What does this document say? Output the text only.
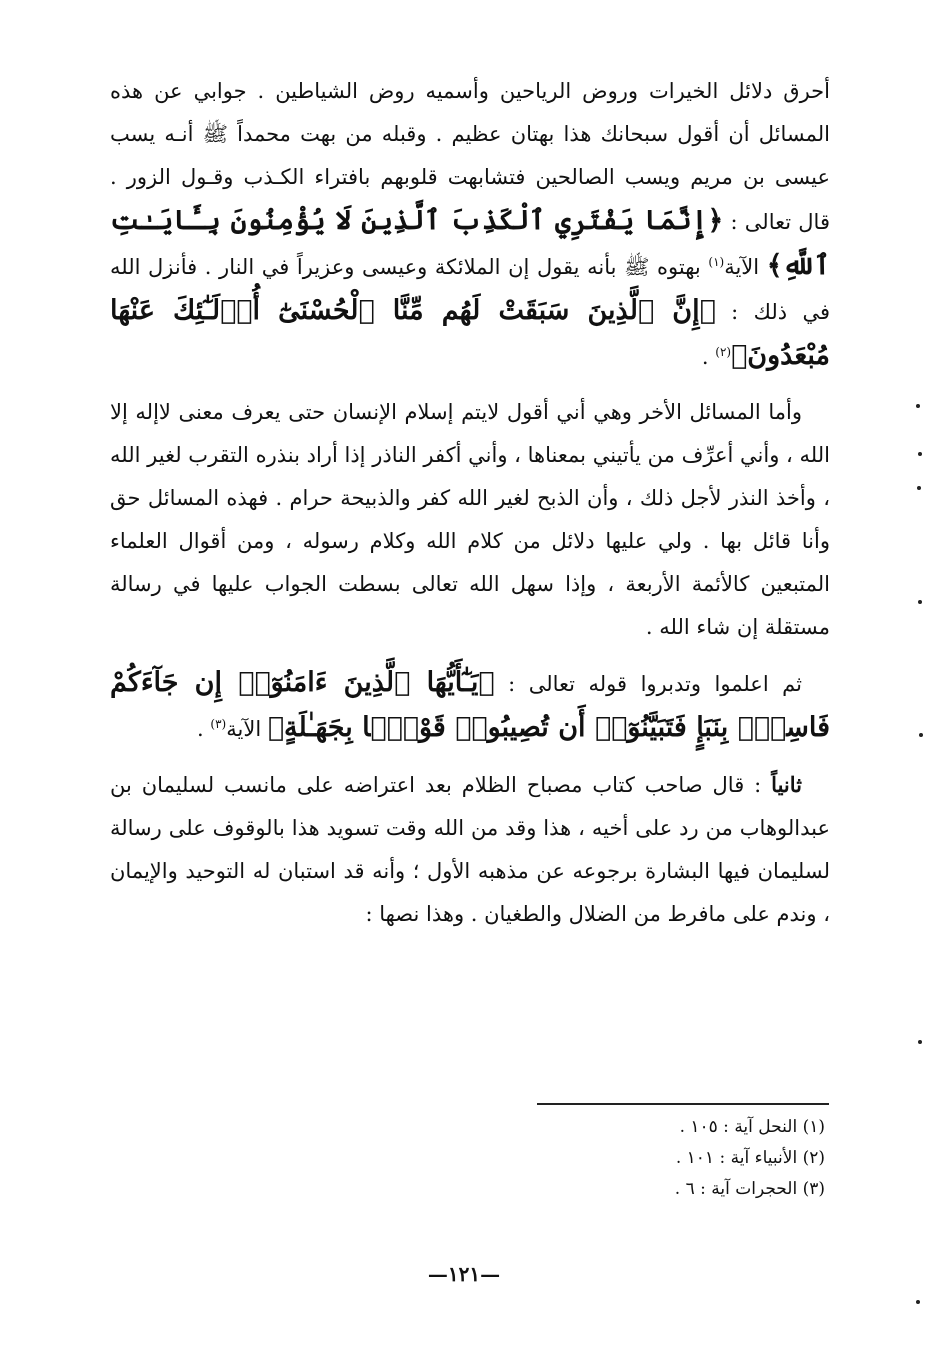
أحرق دلائل الخيرات وروض الرياحين وأسميه روض الشياطين . جوابي عن هذه المسائل أن أقول سبحانك هذا بهتان عظيم . وقبله من بهت محمداً ﷺ أنـه يسب عيسى بن مريم ويسب الصالحين فتشابهت قلوبهم بافتراء الكـذب وقـول الزور . قال تعالى : ﴿إِنَّمَا يَفْتَرِي ٱلْكَذِبَ ٱلَّذِينَ لَا يُؤْمِنُونَ بِـَٔايَـٰتِ ٱللَّهِ﴾ الآية$^{(١)}$ بهتوه ﷺ بأنه يقول إن الملائكة وعيسى وعزيراً في النار . فأنزل الله في ذلك : ﴿إِنَّ ٱلَّذِينَ سَبَقَتْ لَهُم مِّنَّا ٱلْحُسْنَىٰٓ أُو۟لَـٰٓئِكَ عَنْهَا مُبْعَدُونَ﴾$^{(٢)}$ .

وأما المسائل الأخر وهي أني أقول لايتم إسلام الإنسان حتى يعرف معنى لاإله إلا الله ، وأني أعرِّف من يأتيني بمعناها ، وأني أكفر الناذر إذا أراد بنذره التقرب لغير الله ، وأخذ النذر لأجل ذلك ، وأن الذبح لغير الله كفر والذبيحة حرام . فهذه المسائل حق وأنا قائل بها . ولي عليها دلائل من كلام الله وكلام رسوله ، ومن أقوال العلماء المتبعين كالأئمة الأربعة ، وإذا سهل الله تعالى بسطت الجواب عليها في رسالة مستقلة إن شاء الله .

ثم اعلموا وتدبروا قوله تعالى : ﴿يَـٰٓأَيُّهَا ٱلَّذِينَ ءَامَنُوٓا۟ إِن جَآءَكُمْ فَاسِقٌۢ بِنَبَإٍ فَتَبَيَّنُوٓا۟ أَن تُصِيبُوا۟ قَوْمًۢا بِجَهَـٰلَةٍ﴾ الآية$^{(٣)}$ .

ثانياً : قال صاحب كتاب مصباح الظلام بعد اعتراضه على مانسب لسليمان بن عبدالوهاب من رد على أخيه ، هذا وقد من الله وقت تسويد هذا بالوقوف على رسالة لسليمان فيها البشارة برجوعه عن مذهبه الأول ؛ وأنه قد استبان له التوحيد والإيمان ، وندم على مافرط من الضلال والطغيان . وهذا نصها :

(١) النحل آية : ١٠٥ .

(٢) الأنبياء آية : ١٠١ .

(٣) الحجرات آية : ٦ .

—١٢١—
